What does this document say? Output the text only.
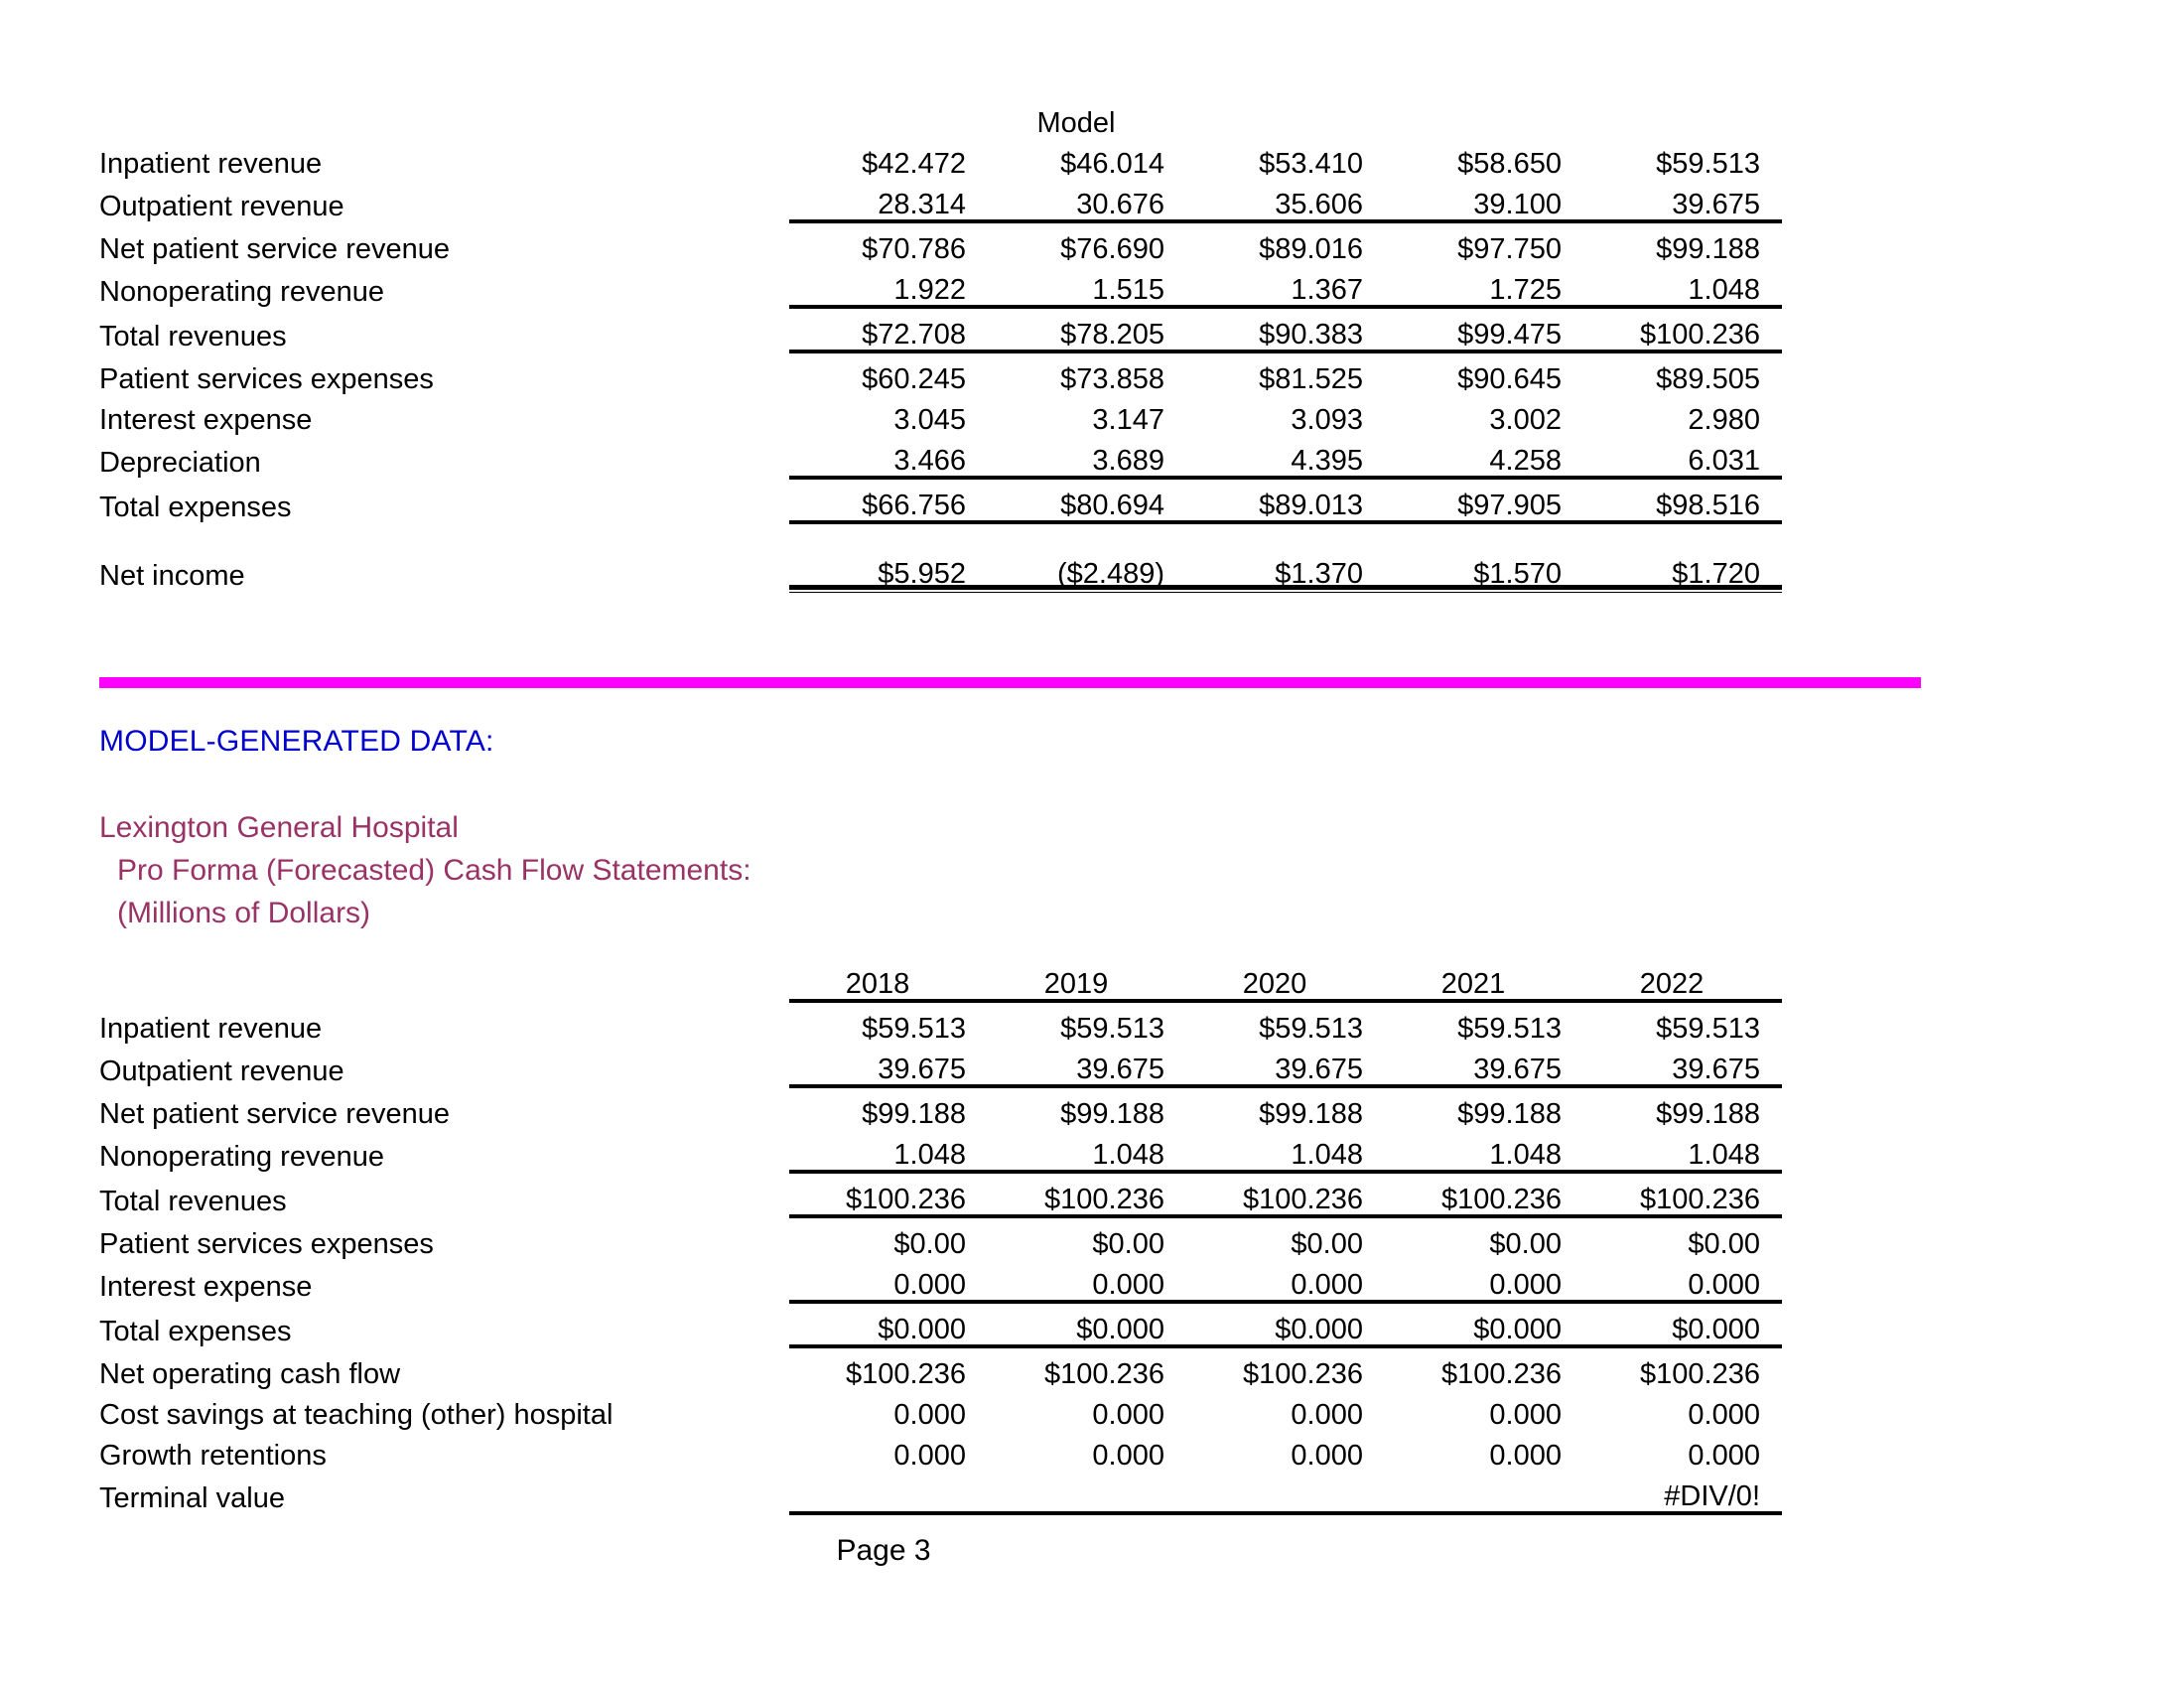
			Model			
Inpatient revenue		$42.472	$46.014	$53.410	$58.650	$59.513
Outpatient revenue		28.314	30.676	35.606	39.100	39.675
Net patient service revenue		$70.786	$76.690	$89.016	$97.750	$99.188
Nonoperating revenue		1.922	1.515	1.367	1.725	1.048
Total revenues		$72.708	$78.205	$90.383	$99.475	$100.236
Patient services expenses		$60.245	$73.858	$81.525	$90.645	$89.505
Interest expense		3.045	3.147	3.093	3.002	2.980
Depreciation		3.466	3.689	4.395	4.258	6.031
Total expenses		$66.756	$80.694	$89.013	$97.905	$98.516

Net income		$5.952	($2.489)	$1.370	$1.570	$1.720
MODEL-GENERATED DATA:
Lexington General Hospital
Pro Forma (Forecasted) Cash Flow Statements:
(Millions of Dollars)
		2018	2019	2020	2021	2022
Inpatient revenue		$59.513	$59.513	$59.513	$59.513	$59.513
Outpatient revenue		39.675	39.675	39.675	39.675	39.675
Net patient service revenue		$99.188	$99.188	$99.188	$99.188	$99.188
Nonoperating revenue		1.048	1.048	1.048	1.048	1.048
Total revenues		$100.236	$100.236	$100.236	$100.236	$100.236
Patient services expenses		$0.00	$0.00	$0.00	$0.00	$0.00
Interest expense		0.000	0.000	0.000	0.000	0.000
Total expenses		$0.000	$0.000	$0.000	$0.000	$0.000
Net operating cash flow		$100.236	$100.236	$100.236	$100.236	$100.236
Cost savings at teaching (other) hospital		0.000	0.000	0.000	0.000	0.000
Growth retentions		0.000	0.000	0.000	0.000	0.000
Terminal value						#DIV/0!
Page 3
